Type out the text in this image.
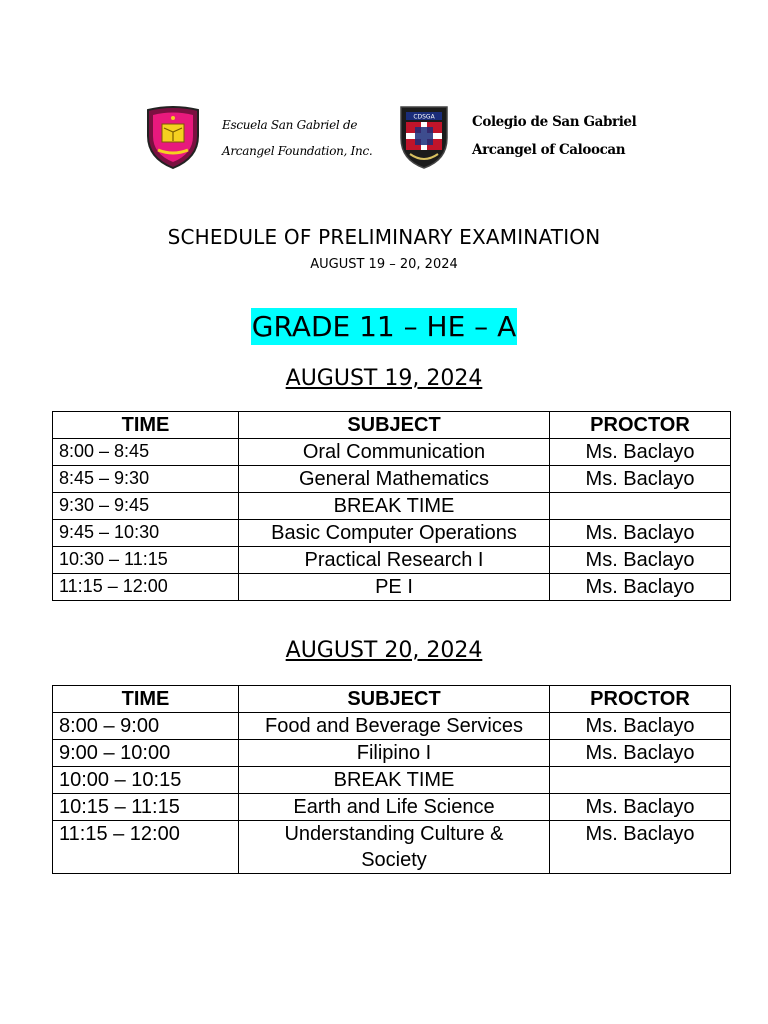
Escuela San Gabriel de
Arcangel Foundation, Inc.
CDSGA	Colegio de San Gabriel
Arcangel of Caloocan
SCHEDULE OF PRELIMINARY EXAMINATION
AUGUST 19 – 20, 2024
GRADE 11 – HE – A
AUGUST 19, 2024
TIME	SUBJECT	PROCTOR
8:00 – 8:45	Oral Communication	Ms. Baclayo
8:45 – 9:30	General Mathematics	Ms. Baclayo
9:30 – 9:45	BREAK TIME	
9:45 – 10:30	Basic Computer Operations	Ms. Baclayo
10:30 – 11:15	Practical Research I	Ms. Baclayo
11:15 – 12:00	PE I	Ms. Baclayo
AUGUST 20, 2024
TIME	SUBJECT	PROCTOR
8:00 – 9:00	Food and Beverage Services	Ms. Baclayo
9:00 – 10:00	Filipino I	Ms. Baclayo
10:00 – 10:15	BREAK TIME	
10:15 – 11:15	Earth and Life Science	Ms. Baclayo
11:15 – 12:00	Understanding Culture & Society	Ms. Baclayo
